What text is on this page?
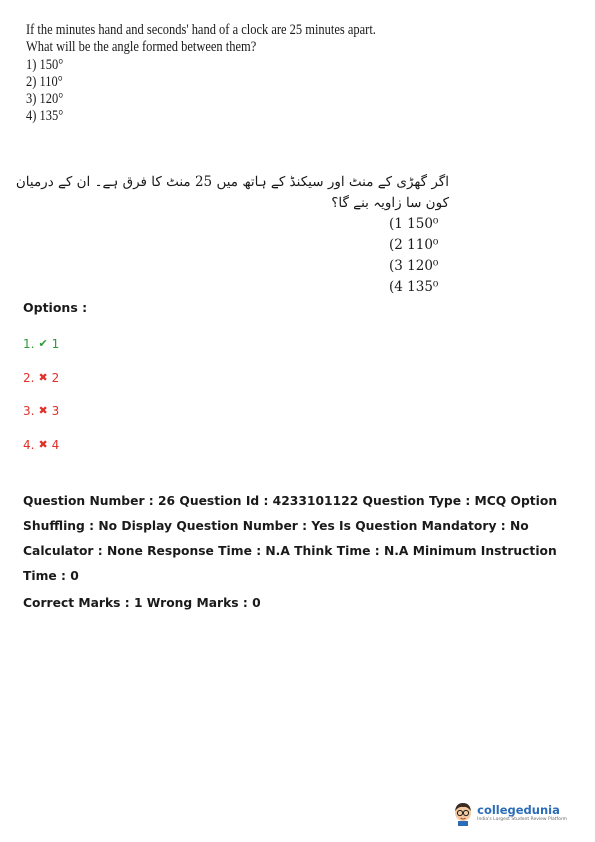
If the minutes hand and seconds' hand of a clock are 25 minutes apart. What will be the angle formed between them?

1) 150°

2) 110°

3) 120°

4) 135°

اگر گھڑی کے منٹ اور سیکنڈ کے ہاتھ میں 25 منٹ کا فرق ہے۔ ان کے درمیان کون سا زاویہ بنے گا؟
(1 150⁰
(2 110⁰
(3 120⁰
(4 135⁰
Options :
1. ✔ 1
2. ✖ 2
3. ✖ 3
4. ✖ 4

Question Number : 26 Question Id : 4233101122 Question Type : MCQ Option Shuffling : No Display Question Number : Yes Is Question Mandatory : No Calculator : None Response Time : N.A Think Time : N.A Minimum Instruction Time : 0

Correct Marks : 1 Wrong Marks : 0

collegedunia
India's Largest Student Review Platform
